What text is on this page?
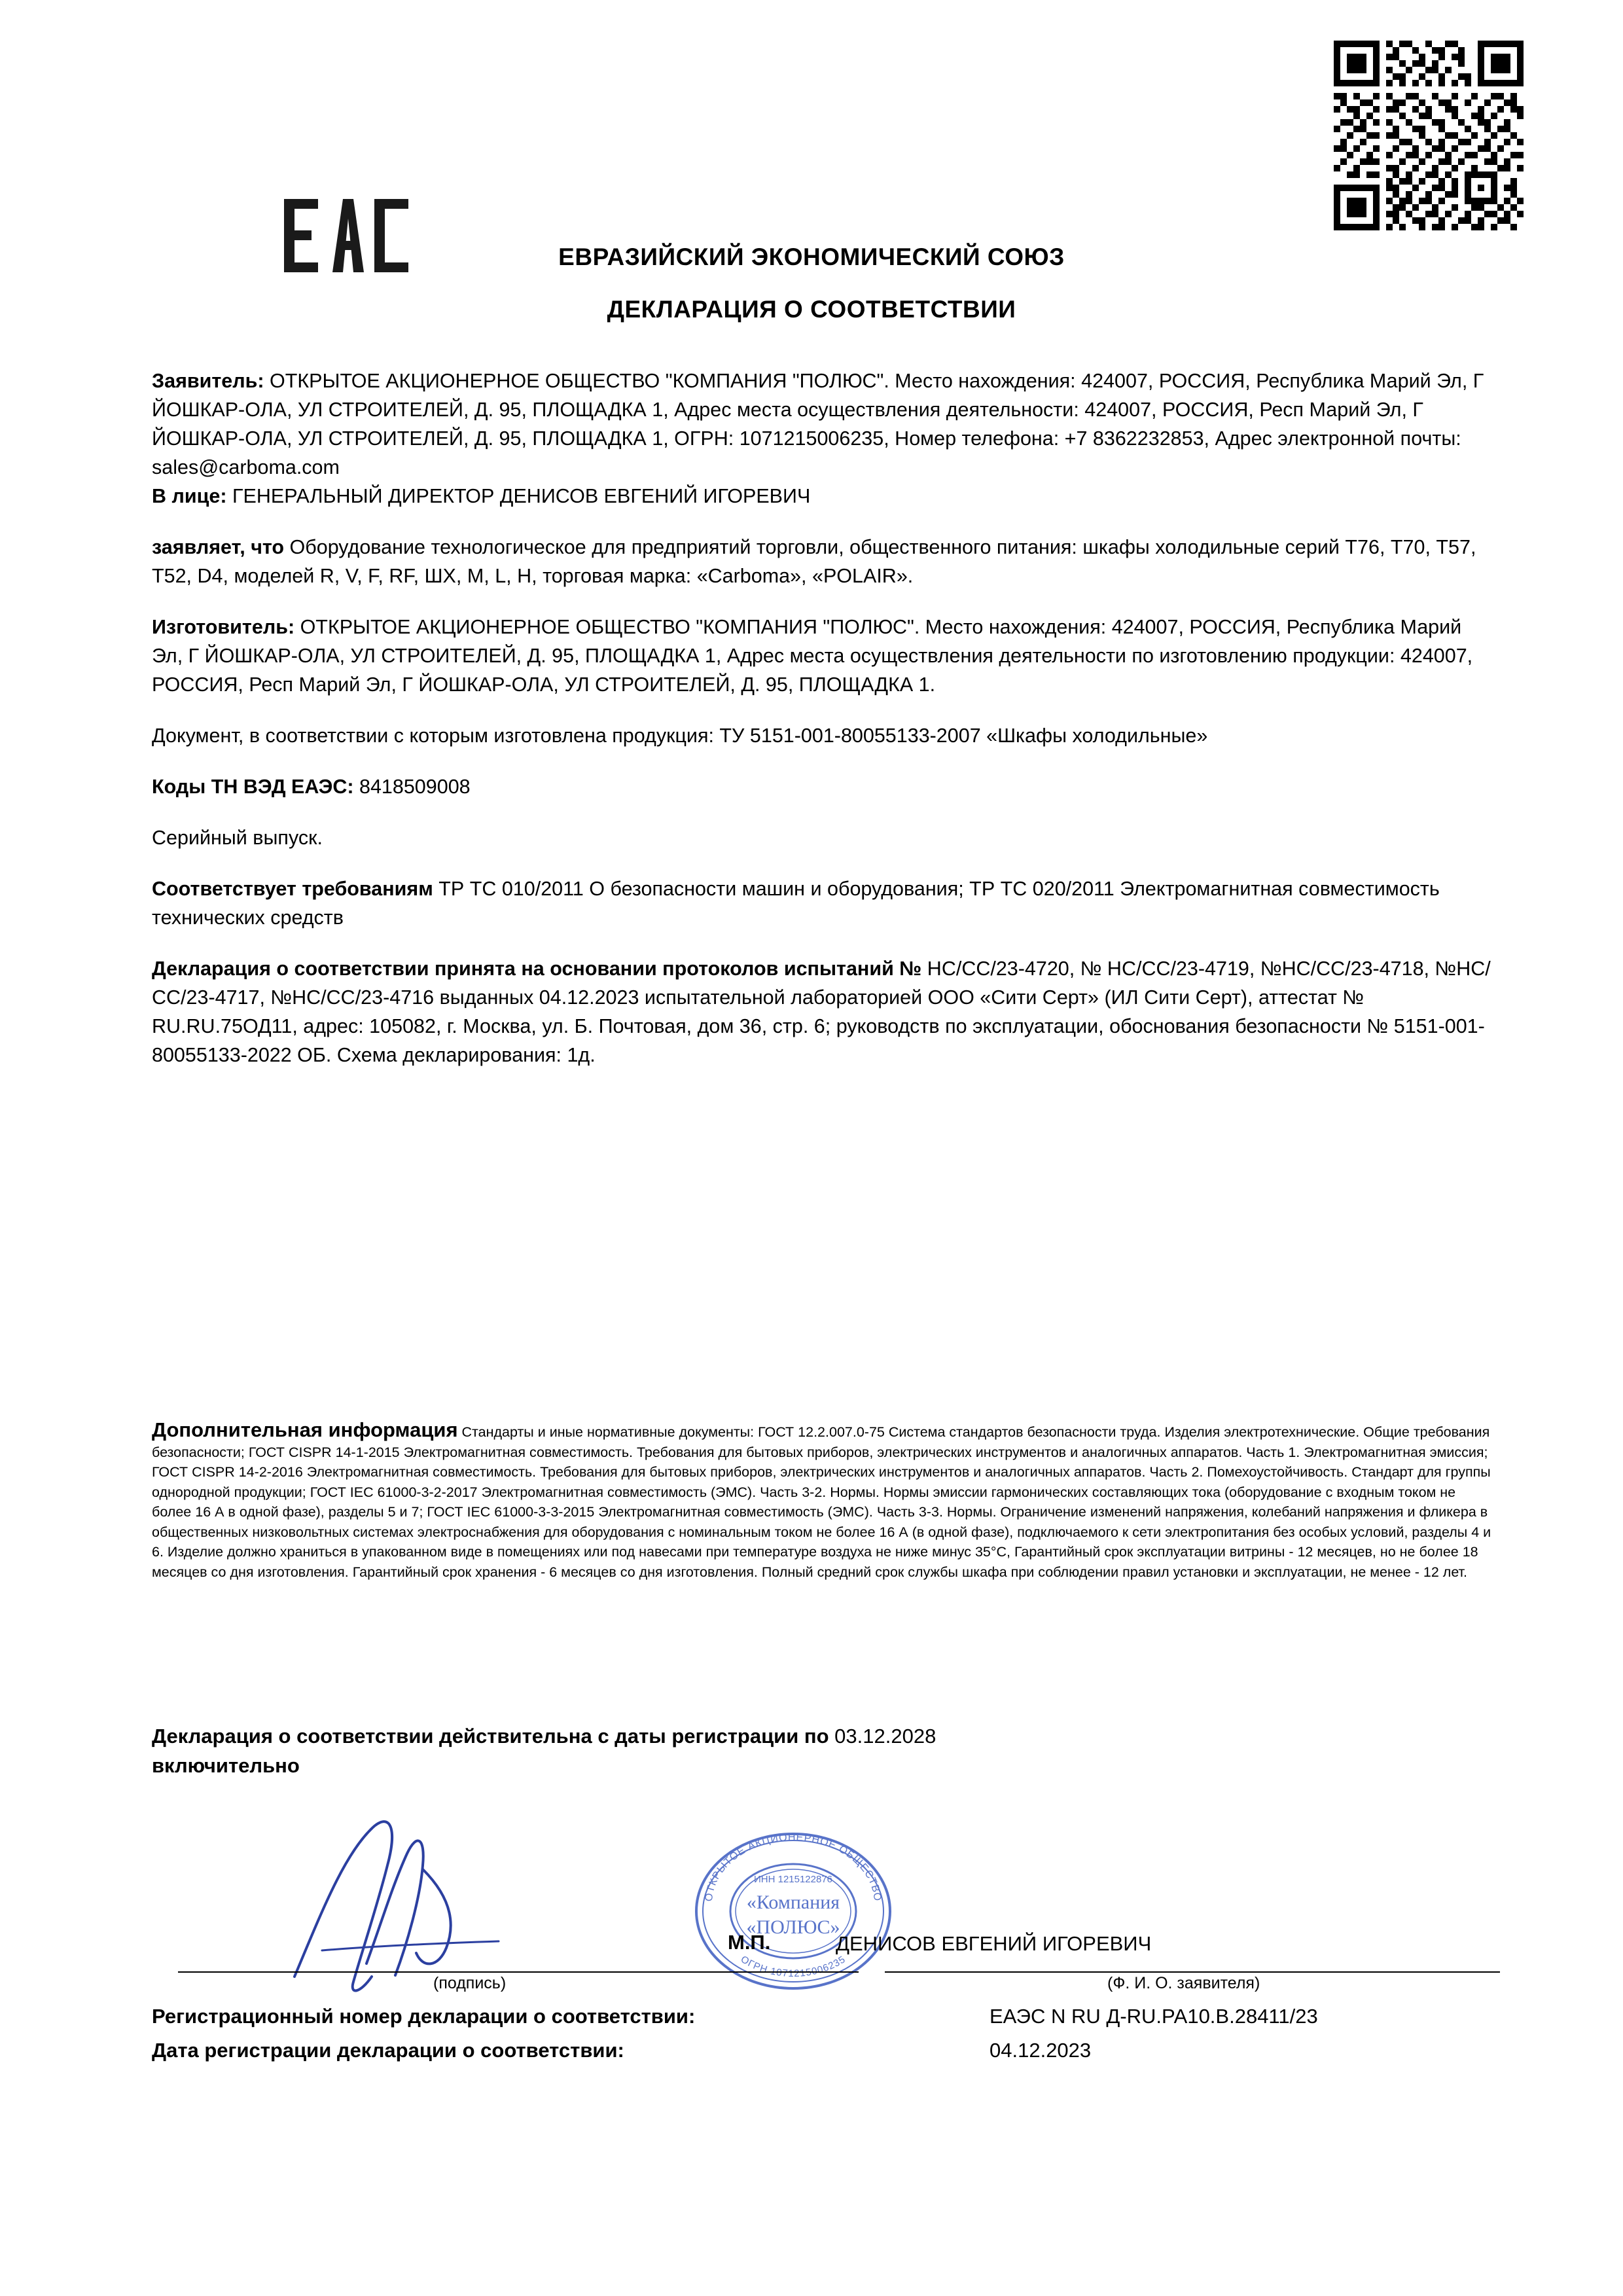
ЕВРАЗИЙСКИЙ ЭКОНОМИЧЕСКИЙ СОЮЗ
ДЕКЛАРАЦИЯ О СООТВЕТСТВИИ

Заявитель: ОТКРЫТОЕ АКЦИОНЕРНОЕ ОБЩЕСТВО "КОМПАНИЯ "ПОЛЮС". Место нахождения: 424007, РОССИЯ, Республика Марий Эл, Г ЙОШКАР-ОЛА, УЛ СТРОИТЕЛЕЙ, Д. 95, ПЛОЩАДКА 1, Адрес места осуществления деятельности: 424007, РОССИЯ, Респ Марий Эл, Г ЙОШКАР-ОЛА, УЛ СТРОИТЕЛЕЙ, Д. 95, ПЛОЩАДКА 1, ОГРН: 1071215006235, Номер телефона: +7 8362232853, Адрес электронной почты: sales@carboma.com

В лице: ГЕНЕРАЛЬНЫЙ ДИРЕКТОР ДЕНИСОВ ЕВГЕНИЙ ИГОРЕВИЧ

заявляет, что Оборудование технологическое для предприятий торговли, общественного питания: шкафы холодильные серий Т76, Т70, Т57, Т52, D4, моделей R, V, F, RF, ШХ, M, L, H, торговая марка: «Carboma», «POLAIR».

Изготовитель: ОТКРЫТОЕ АКЦИОНЕРНОЕ ОБЩЕСТВО "КОМПАНИЯ "ПОЛЮС". Место нахождения: 424007, РОССИЯ, Республика Марий Эл, Г ЙОШКАР-ОЛА, УЛ СТРОИТЕЛЕЙ, Д. 95, ПЛОЩАДКА 1, Адрес места осуществления деятельности по изготовлению продукции: 424007, РОССИЯ, Респ Марий Эл, Г ЙОШКАР-ОЛА, УЛ СТРОИТЕЛЕЙ, Д. 95, ПЛОЩАДКА 1.

Документ, в соответствии с которым изготовлена продукция: ТУ 5151-001-80055133-2007 «Шкафы холодильные»

Коды ТН ВЭД ЕАЭС: 8418509008

Серийный выпуск.

Соответствует требованиям ТР ТС 010/2011 О безопасности машин и оборудования; ТР ТС 020/2011 Электромагнитная совместимость технических средств

Декларация о соответствии принята на основании протоколов испытаний № НС/СС/23-4720, № НС/СС/23-4719, №НС/СС/23-4718, №НС/СС/23-4717, №НС/СС/23-4716 выданных 04.12.2023 испытательной лабораторией ООО «Сити Серт» (ИЛ Сити Серт), аттестат № RU.RU.75ОД11, адрес: 105082, г. Москва, ул. Б. Почтовая, дом 36, стр. 6; руководств по эксплуатации, обоснования безопасности № 5151-001-80055133-2022 ОБ. Схема декларирования: 1д.

Дополнительная информация Стандарты и иные нормативные документы: ГОСТ 12.2.007.0-75 Система стандартов безопасности труда. Изделия электротехнические. Общие требования безопасности; ГОСТ CISPR 14-1-2015 Электромагнитная совместимость. Требования для бытовых приборов, электрических инструментов и аналогичных аппаратов. Часть 1. Электромагнитная эмиссия; ГОСТ CISPR 14-2-2016 Электромагнитная совместимость. Требования для бытовых приборов, электрических инструментов и аналогичных аппаратов. Часть 2. Помехоустойчивость. Стандарт для группы однородной продукции; ГОСТ IEC 61000-3-2-2017 Электромагнитная совместимость (ЭМС). Часть 3-2. Нормы. Нормы эмиссии гармонических составляющих тока (оборудование с входным током не более 16 А в одной фазе), разделы 5 и 7; ГОСТ IEC 61000-3-3-2015 Электромагнитная совместимость (ЭМС). Часть 3-3. Нормы. Ограничение изменений напряжения, колебаний напряжения и фликера в общественных низковольтных системах электроснабжения для оборудования с номинальным током не более 16 А (в одной фазе), подключаемого к сети электропитания без особых условий, разделы 4 и 6. Изделие должно храниться в упакованном виде в помещениях или под навесами при температуре воздуха не ниже минус 35°С, Гарантийный срок эксплуатации витрины - 12 месяцев, но не более 18 месяцев со дня изготовления. Гарантийный срок хранения - 6 месяцев со дня изготовления. Полный средний срок службы шкафа при соблюдении правил установки и эксплуатации, не менее - 12 лет.
Декларация о соответствии действительна с даты регистрации по 03.12.2028
включительно
ОТКРЫТОЕ АКЦИОНЕРНОЕ ОБЩЕСТВО
ОГРН 1071215006235
ИНН 1215122876
«Компания
«ПОЛЮС»
М.П.	ДЕНИСОВ ЕВГЕНИЙ ИГОРЕВИЧ
(подпись)	(Ф. И. О. заявителя)
Регистрационный номер декларации о соответствии:	ЕАЭС N RU Д-RU.РА10.В.28411/23
Дата регистрации декларации о соответствии:	04.12.2023
